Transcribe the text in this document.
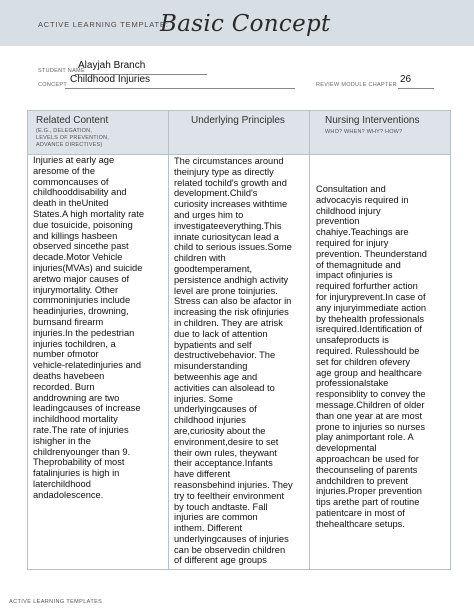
ACTIVE LEARNING TEMPLATE:
Basic Concept
STUDENT NAME
Alayjah Branch
CONCEPT Childhood Injuries	REVIEW MODULE CHAPTER 26
Related Content
(E.G., DELEGATION,
LEVELS OF PREVENTION,
ADVANCE DIRECTIVES)
Injuries at early age
aresome of the
commoncauses of
childhooddisability and
death in theUnited
States.A high mortality rate
due tosuicide, poisoning
and killings hasbeen
observed sincethe past
decade.Motor Vehicle
injuries(MVAs) and suicide
aretwo major causes of
injurymortality. Other
commoninjuries include
headinjuries, drowning,
burnsand firearm
injuries.In the pedestrian
injuries tochildren, a
number ofmotor
vehicle-relatedinjuries and
deaths havebeen
recorded. Burn
anddrowning are two
leadingcauses of increase
inchildhood mortality
rate.The rate of injuries
ishigher in the
childrenyounger than 9.
Theprobability of most
fatalinjuries is high in
laterchildhood
andadolescence.
Underlying Principles
The circumstances around
theinjury type as directly
related tochild's growth and
development.Child's
curiosity increases withtime
and urges him to
investigateeverything.This
innate curiositycan lead a
child to serious issues.Some
children with
goodtemperament,
persistence andhigh activity
level are prone toinjuries.
Stress can also be afactor in
increasing the risk ofinjuries
in children. They are atrisk
due to lack of attention
bypatients and self
destructivebehavior. The
misunderstanding
betweenhis age and
activities can alsolead to
injuries. Some
underlyingcauses of
childhood injuries
are,curiosity about the
environment,desire to set
their own rules, theywant
their acceptance.Infants
have different
reasonsbehind injuries. They
try to feeltheir environment
by touch andtaste. Fall
injuries are common
inthem. Different
underlyingcauses of injuries
can be observedin children
of different age groups
Nursing Interventions
WHO? WHEN? WHY? HOW?
Consultation and
advocacyis required in
childhood injury
prevention
chahiye.Teachings are
required for injury
prevention. Theunderstand
of themagnitude and
impact ofinjuries is
required forfurther action
for injuryprevent.In case of
any injuryimmediate action
by thehealth professionals
isrequired.Identification of
unsafeproducts is
required. Rulesshould be
set for children ofevery
age group and healthcare
professionalstake
responsiblity to convey the
message.Children of older
than one year at are most
prone to injuries so nurses
play animportant role. A
developmental
approachcan be used for
thecounseling of parents
andchildren to prevent
injuries.Proper prevention
tips arethe part of routine
patientcare in most of
thehealthcare setups.
ACTIVE LEARNING TEMPLATES
